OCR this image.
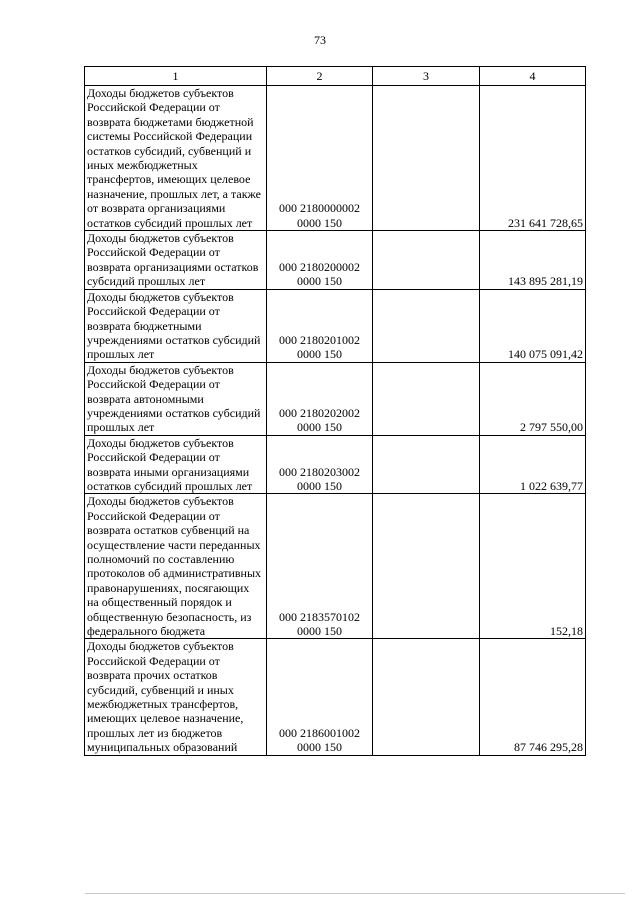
73
1	2	3	4
Доходы бюджетов субъектов Российской Федерации от возврата бюджетами бюджетной системы Российской Федерации остатков субсидий, субвенций и иных межбюджетных трансфертов, имеющих целевое назначение, прошлых лет, а также от возврата организациями остатков субсидий прошлых лет	000 2180000002 0000 150		231 641 728,65
Доходы бюджетов субъектов Российской Федерации от возврата организациями остатков субсидий прошлых лет	000 2180200002 0000 150		143 895 281,19
Доходы бюджетов субъектов Российской Федерации от возврата бюджетными учреждениями остатков субсидий прошлых лет	000 2180201002 0000 150		140 075 091,42
Доходы бюджетов субъектов Российской Федерации от возврата автономными учреждениями остатков субсидий прошлых лет	000 2180202002 0000 150		2 797 550,00
Доходы бюджетов субъектов Российской Федерации от возврата иными организациями остатков субсидий прошлых лет	000 2180203002 0000 150		1 022 639,77
Доходы бюджетов субъектов Российской Федерации от возврата остатков субвенций на осуществление части переданных полномочий по составлению протоколов об административных правонарушениях, посягающих на общественный порядок и общественную безопасность, из федерального бюджета	000 2183570102 0000 150		152,18
Доходы бюджетов субъектов Российской Федерации от возврата прочих остатков субсидий, субвенций и иных межбюджетных трансфертов, имеющих целевое назначение, прошлых лет из бюджетов муниципальных образований	000 2186001002 0000 150		87 746 295,28
